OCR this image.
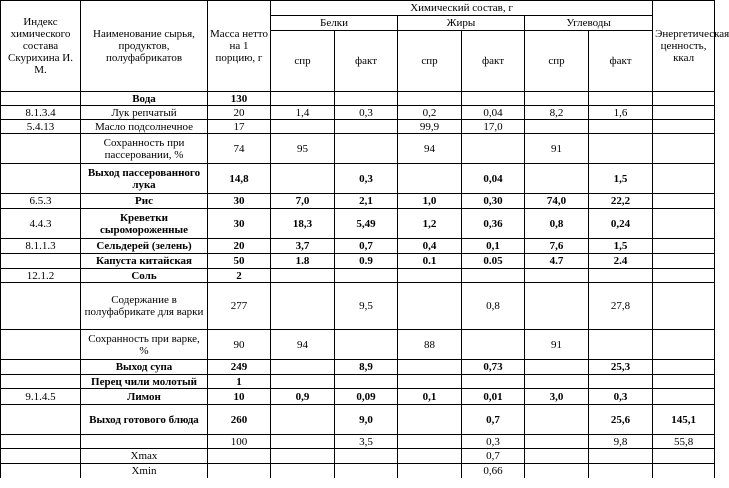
Индекс химического состава Скурихина И. М.	Наименование сырья, продуктов, полуфабрикатов	Масса нетто на 1 порцию, г	Химический состав, г						Энергетическая ценность, ккал
			Белки		Жиры		Углеводы		
			спр	факт	спр	факт	спр	факт	
	Вода	130							
8.1.3.4	Лук репчатый	20	1,4	0,3	0,2	0,04	8,2	1,6	
5.4.13	Масло подсолнечное	17			99,9	17,0			
	Сохранность при пассеровании, %	74	95		94		91		
	Выход пассерованного лука	14,8		0,3		0,04		1,5	
6.5.3	Рис	30	7,0	2,1	1,0	0,30	74,0	22,2	
4.4.3	Креветки сыромороженные	30	18,3	5,49	1,2	0,36	0,8	0,24	
8.1.1.3	Сельдерей (зелень)	20	3,7	0,7	0,4	0,1	7,6	1,5	
	Капуста китайская	50	1.8	0.9	0.1	0.05	4.7	2.4	
12.1.2	Соль	2							
	Содержание в полуфабрикате для варки	277		9,5		0,8		27,8	
	Сохранность при варке, %	90	94		88		91		
	Выход супа	249		8,9		0,73		25,3	
	Перец чили молотый	1							
9.1.4.5	Лимон	10	0,9	0,09	0,1	0,01	3,0	0,3	
	Выход готового блюда	260		9,0		0,7		25,6	145,1
		100		3,5		0,3		9,8	55,8
	Xmax					0,7			
	Xmin					0,66			
